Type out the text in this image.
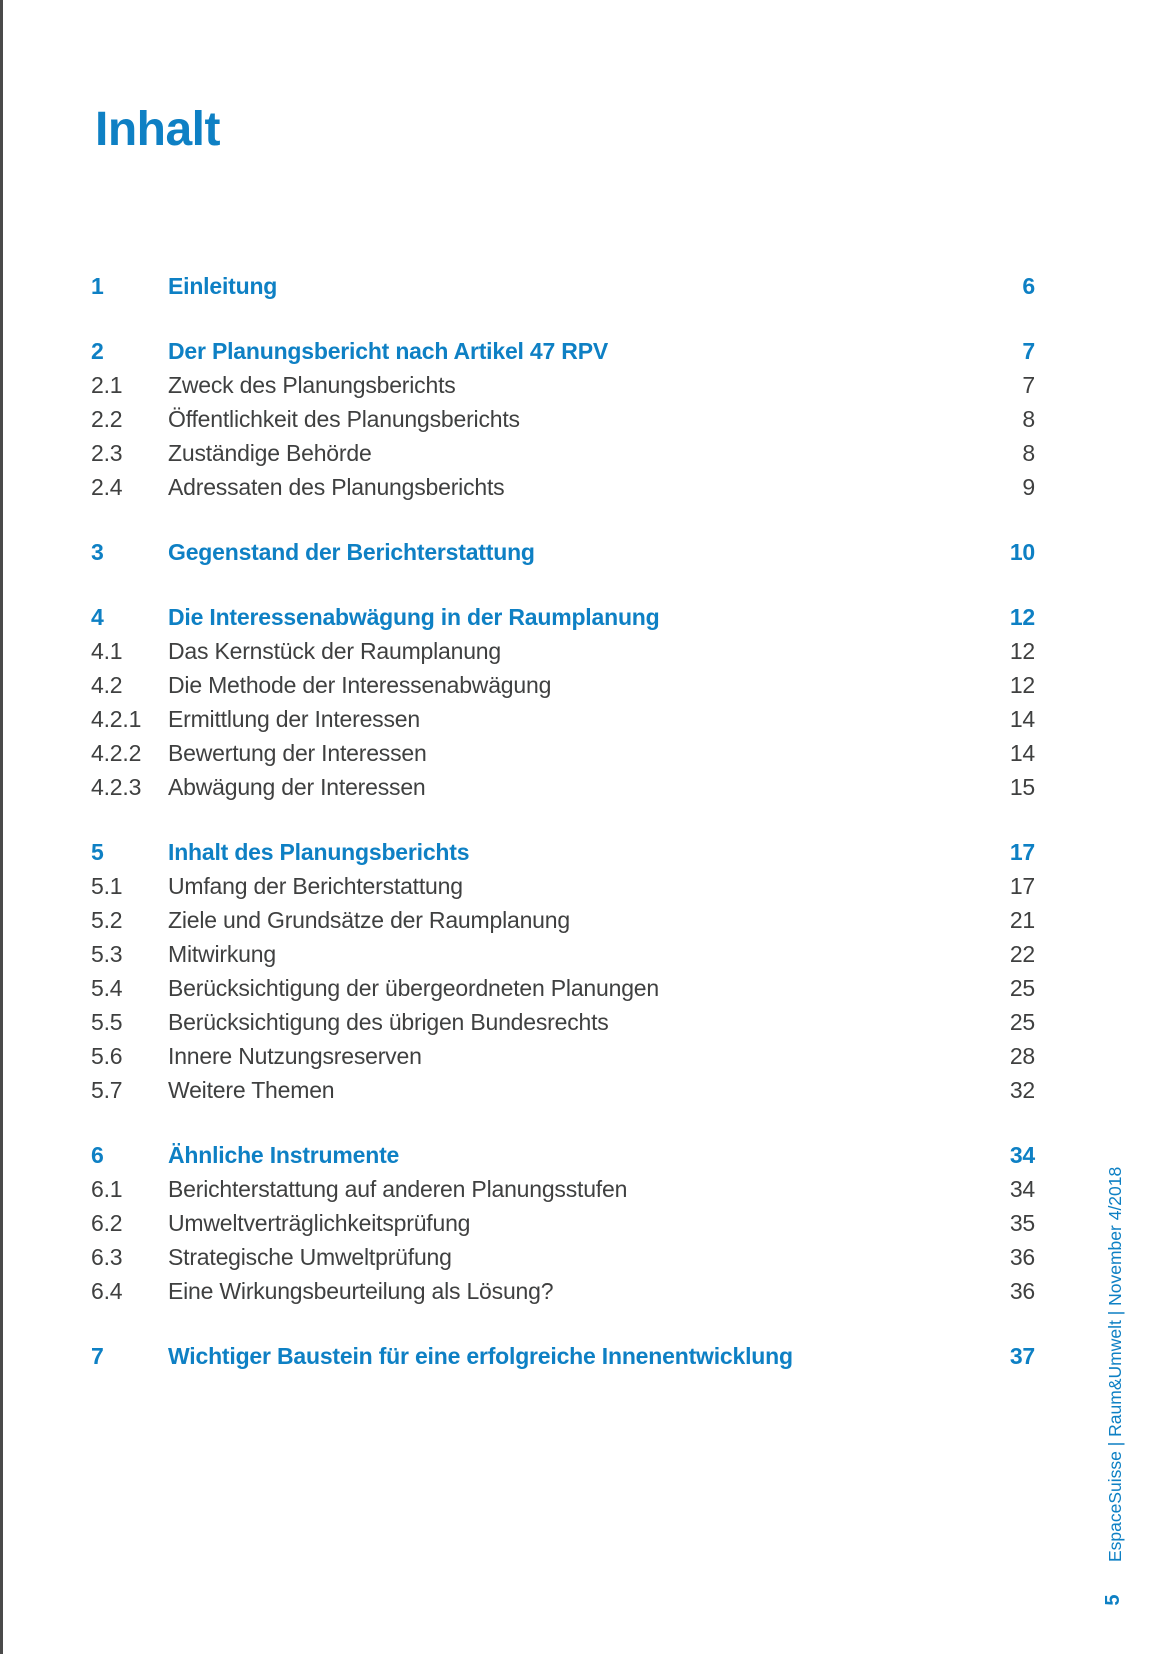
Inhalt
1	Einleitung	6
2	Der Planungsbericht nach Artikel 47 RPV	7
2.1	Zweck des Planungsberichts	7
2.2	Öffentlichkeit des Planungsberichts	8
2.3	Zuständige Behörde	8
2.4	Adressaten des Planungsberichts	9
3	Gegenstand der Berichterstattung	10
4	Die Interessenabwägung in der Raumplanung	12
4.1	Das Kernstück der Raumplanung	12
4.2	Die Methode der Interessenabwägung	12
4.2.1	Ermittlung der Interessen	14
4.2.2	Bewertung der Interessen	14
4.2.3	Abwägung der Interessen	15
5	Inhalt des Planungsberichts	17
5.1	Umfang der Berichterstattung	17
5.2	Ziele und Grundsätze der Raumplanung	21
5.3	Mitwirkung	22
5.4	Berücksichtigung der übergeordneten Planungen	25
5.5	Berücksichtigung des übrigen Bundesrechts	25
5.6	Innere Nutzungsreserven	28
5.7	Weitere Themen	32
6	Ähnliche Instrumente	34
6.1	Berichterstattung auf anderen Planungsstufen	34
6.2	Umweltverträglichkeitsprüfung	35
6.3	Strategische Umweltprüfung	36
6.4	Eine Wirkungsbeurteilung als Lösung?	36
7	Wichtiger Baustein für eine erfolgreiche Innenentwicklung	37	EspaceSuisse | Raum&Umwelt | November 4/2018
5
